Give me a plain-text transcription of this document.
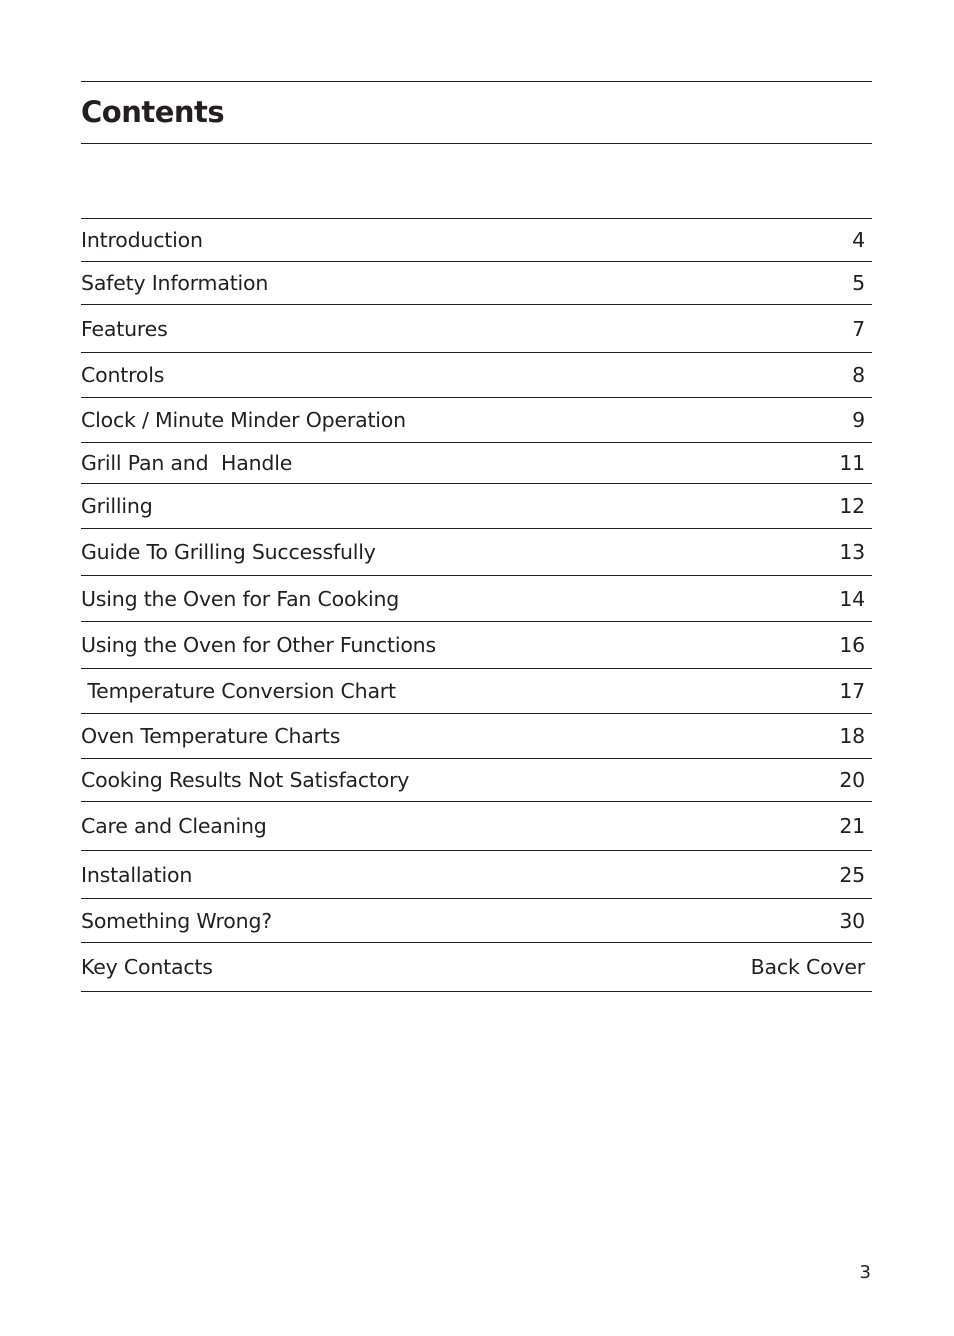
Contents
Introduction	4
Safety Information	5
Features	7
Controls	8
Clock / Minute Minder Operation	9
Grill Pan and  Handle	11
Grilling	12
Guide To Grilling Successfully	13
Using the Oven for Fan Cooking	14
Using the Oven for Other Functions	16
Temperature Conversion Chart	17
Oven Temperature Charts	18
Cooking Results Not Satisfactory	20
Care and Cleaning	21
Installation	25
Something Wrong?	30
Key Contacts	Back Cover
3
